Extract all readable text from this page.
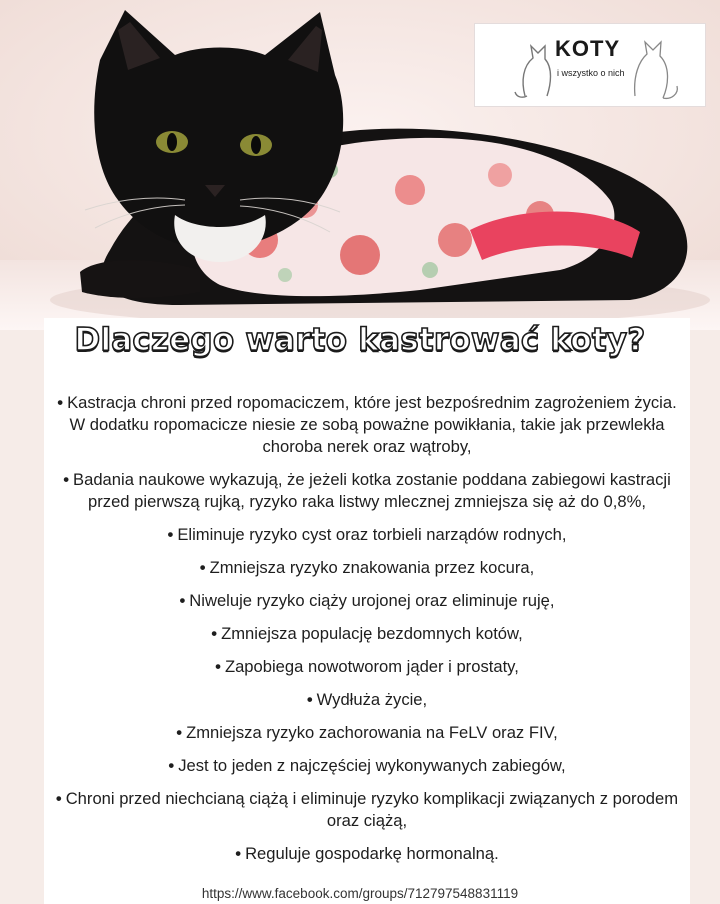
KOTY
i wszystko o nich
Dlaczego warto kastrować koty?
• Kastracja chroni przed ropomaciczem, które jest bezpośrednim zagrożeniem życia. W dodatku ropomacicze niesie ze sobą poważne powikłania, takie jak przewlekła choroba nerek oraz wątroby,
• Badania naukowe wykazują, że jeżeli kotka zostanie poddana zabiegowi kastracji przed pierwszą rujką, ryzyko raka listwy mlecznej zmniejsza się aż do 0,8%,
• Eliminuje ryzyko cyst oraz torbieli narządów rodnych,
• Zmniejsza ryzyko znakowania przez kocura,
• Niweluje ryzyko ciąży urojonej oraz eliminuje ruję,
• Zmniejsza populację bezdomnych kotów,
• Zapobiega nowotworom jąder i prostaty,
• Wydłuża życie,
• Zmniejsza ryzyko zachorowania na FeLV oraz FIV,
• Jest to jeden z najczęściej wykonywanych zabiegów,
• Chroni przed niechcianą ciążą i eliminuje ryzyko komplikacji związanych z porodem oraz ciążą,
• Reguluje gospodarkę hormonalną.
https://www.facebook.com/groups/712797548831119
